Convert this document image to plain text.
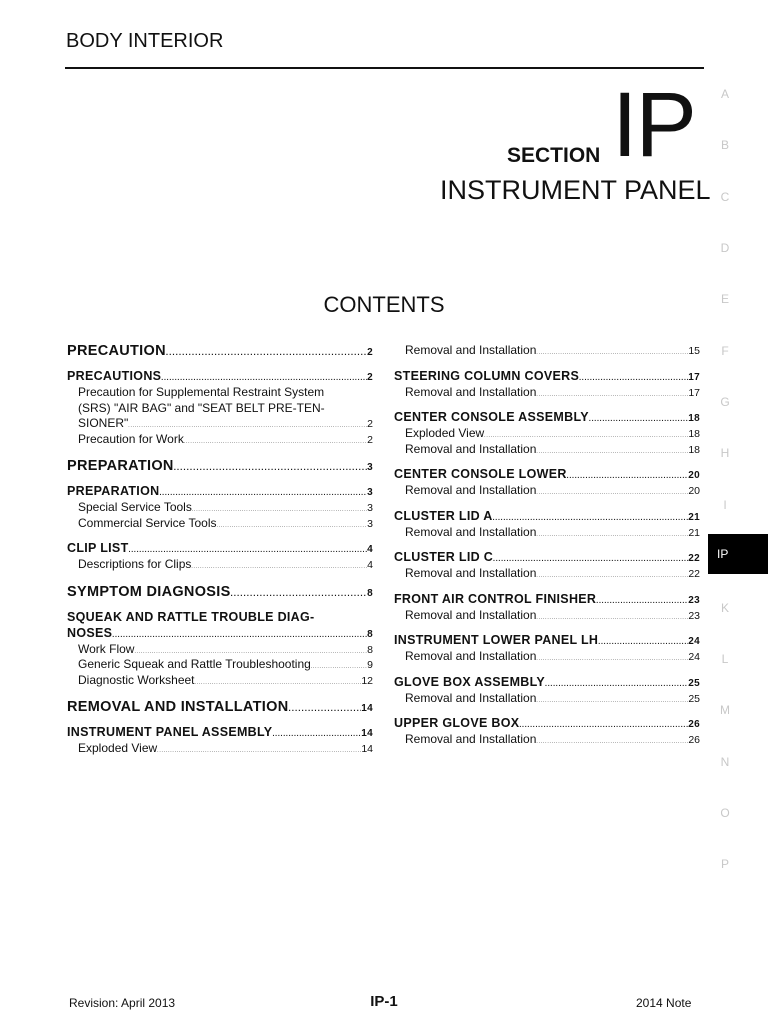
BODY INTERIOR
SECTION IP
INSTRUMENT PANEL
CONTENTS
A
B
C
D
E
F
G
H
I
IP
K
L
M
N
O
P
PRECAUTION . . .	2
PRECAUTIONS . . .	2
Precaution for Supplemental Restraint System
(SRS) "AIR BAG" and "SEAT BELT PRE-TEN-
SIONER" . . .	2
Precaution for Work . . .	2
PREPARATION . . .	3
PREPARATION . . .	3
Special Service Tools . . .	3
Commercial Service Tools . . .	3
CLIP LIST . . .	4
Descriptions for Clips . . .	4
SYMPTOM DIAGNOSIS . . .	8
SQUEAK AND RATTLE TROUBLE DIAG-
NOSES . . .	8
Work Flow . . .	8
Generic Squeak and Rattle Troubleshooting . . .	9
Diagnostic Worksheet . . .	12
REMOVAL AND INSTALLATION . . .	14
INSTRUMENT PANEL ASSEMBLY . . .	14
Exploded View . . .	14
Removal and Installation . . .	15
STEERING COLUMN COVERS . . .	17
Removal and Installation . . .	17
CENTER CONSOLE ASSEMBLY . . .	18
Exploded View . . .	18
Removal and Installation . . .	18
CENTER CONSOLE LOWER . . .	20
Removal and Installation . . .	20
CLUSTER LID A . . .	21
Removal and Installation . . .	21
CLUSTER LID C . . .	22
Removal and Installation . . .	22
FRONT AIR CONTROL FINISHER . . .	23
Removal and Installation . . .	23
INSTRUMENT LOWER PANEL LH . . .	24
Removal and Installation . . .	24
GLOVE BOX ASSEMBLY . . .	25
Removal and Installation . . .	25
UPPER GLOVE BOX . . .	26
Removal and Installation . . .	26
Revision: April 2013	IP-1	2014 Note
